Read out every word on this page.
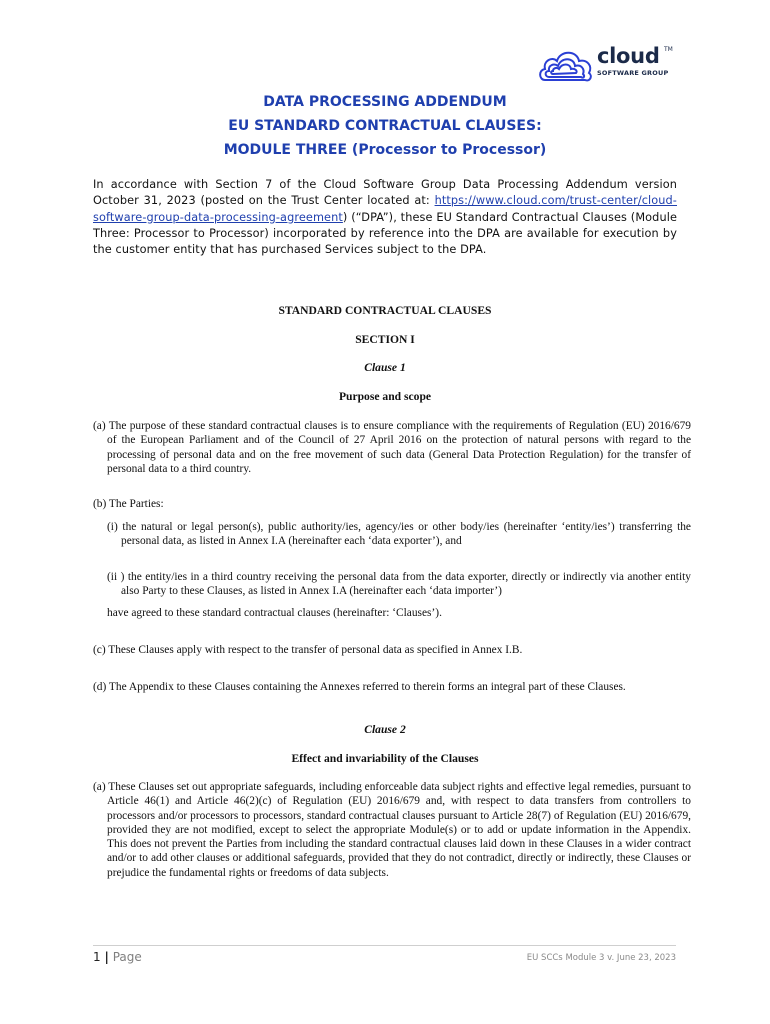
cloud TM
SOFTWARE GROUP
DATA PROCESSING ADDENDUM
EU STANDARD CONTRACTUAL CLAUSES:
MODULE THREE (Processor to Processor)
In accordance with Section 7 of the Cloud Software Group Data Processing Addendum version October 31, 2023 (posted on the Trust Center located at: https://www.cloud.com/trust-center/cloud-software-group-data-processing-agreement) (“DPA”), these EU Standard Contractual Clauses (Module Three: Processor to Processor) incorporated by reference into the DPA are available for execution by the customer entity that has purchased Services subject to the DPA.
STANDARD CONTRACTUAL CLAUSES
SECTION I
Clause 1
Purpose and scope
(a) The purpose of these standard contractual clauses is to ensure compliance with the requirements of Regulation (EU) 2016/679 of the European Parliament and of the Council of 27 April 2016 on the protection of natural persons with regard to the processing of personal data and on the free movement of such data (General Data Protection Regulation) for the transfer of personal data to a third country.
(b) The Parties:
(i) the natural or legal person(s), public authority/ies, agency/ies or other body/ies (hereinafter ‘entity/ies’) transferring the personal data, as listed in Annex I.A (hereinafter each ‘data exporter’), and
(ii ) the entity/ies in a third country receiving the personal data from the data exporter, directly or indirectly via another entity also Party to these Clauses, as listed in Annex I.A (hereinafter each ‘data importer’)
have agreed to these standard contractual clauses (hereinafter: ‘Clauses’).
(c) These Clauses apply with respect to the transfer of personal data as specified in Annex I.B.
(d) The Appendix to these Clauses containing the Annexes referred to therein forms an integral part of these Clauses.
Clause 2
Effect and invariability of the Clauses
(a) These Clauses set out appropriate safeguards, including enforceable data subject rights and effective legal remedies, pursuant to Article 46(1) and Article 46(2)(c) of Regulation (EU) 2016/679 and, with respect to data transfers from controllers to processors and/or processors to processors, standard contractual clauses pursuant to Article 28(7) of Regulation (EU) 2016/679, provided they are not modified, except to select the appropriate Module(s) or to add or update information in the Appendix. This does not prevent the Parties from including the standard contractual clauses laid down in these Clauses in a wider contract and/or to add other clauses or additional safeguards, provided that they do not contradict, directly or indirectly, these Clauses or prejudice the fundamental rights or freedoms of data subjects.
1 | Page	EU SCCs Module 3 v. June 23, 2023
